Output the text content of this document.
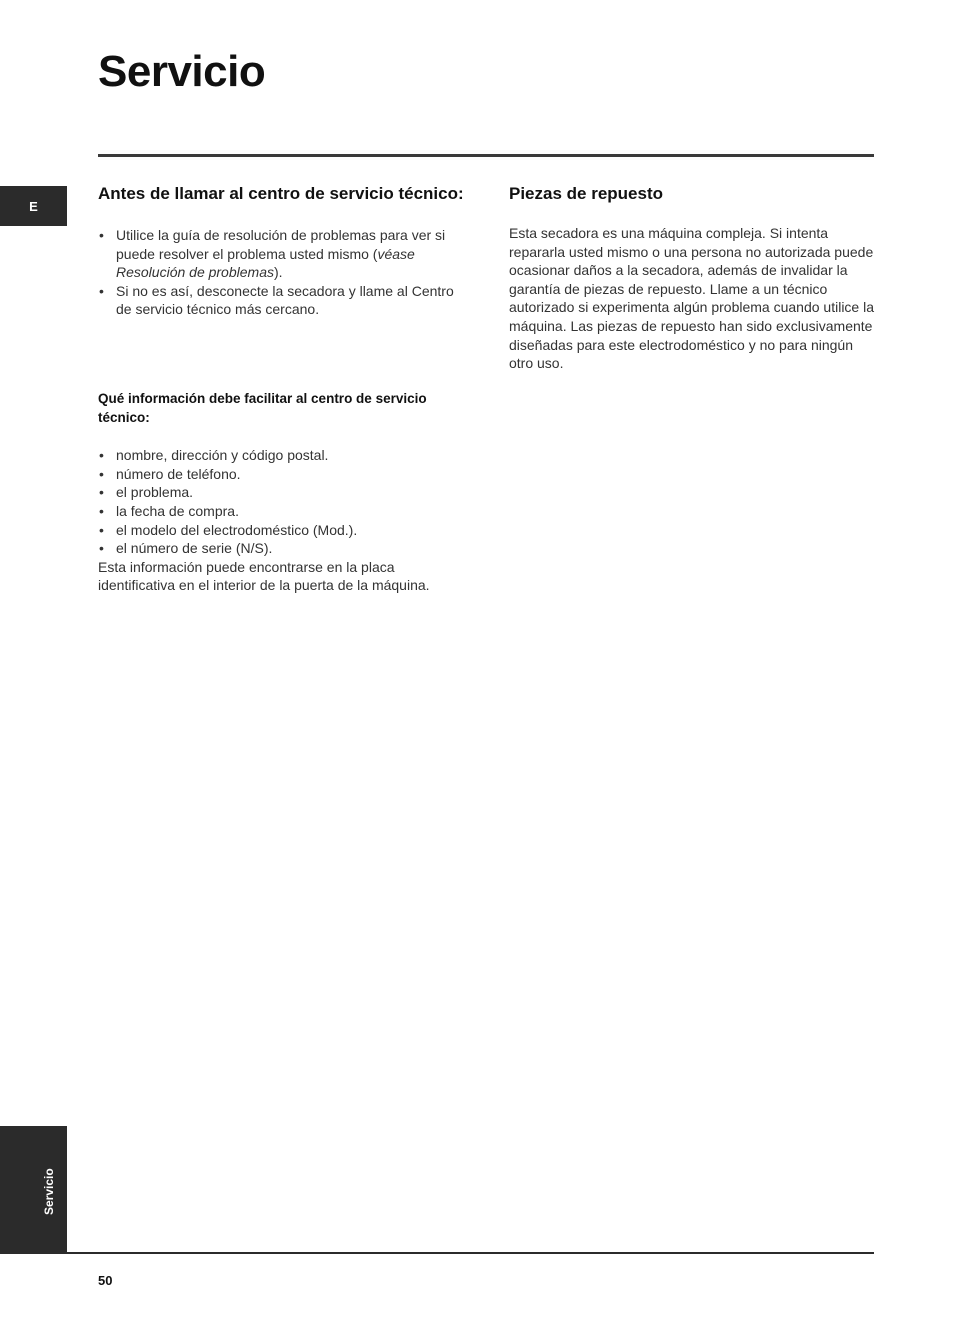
Servicio
E
Servicio
50
Antes de llamar al centro de servicio técnico:
• Utilice la guía de resolución de problemas para ver si puede resolver el problema usted mismo (véase Resolución de problemas).
• Si no es así, desconecte la secadora y llame al Centro de servicio técnico más cercano.
Qué información debe facilitar al centro de servicio técnico:
• nombre, dirección y código postal.
• número de teléfono.
• el problema.
• la fecha de compra.
• el modelo del electrodoméstico (Mod.).
• el número de serie (N/S).

Esta información puede encontrarse en la placa identificativa en el interior de la puerta de la máquina.

Piezas de repuesto

Esta secadora es una máquina compleja. Si intenta repararla usted mismo o una persona no autorizada puede ocasionar daños a la secadora, además de invalidar la garantía de piezas de repuesto. Llame a un técnico autorizado si experimenta algún problema cuando utilice la máquina. Las piezas de repuesto han sido exclusivamente diseñadas para este electrodoméstico y no para ningún otro uso.
